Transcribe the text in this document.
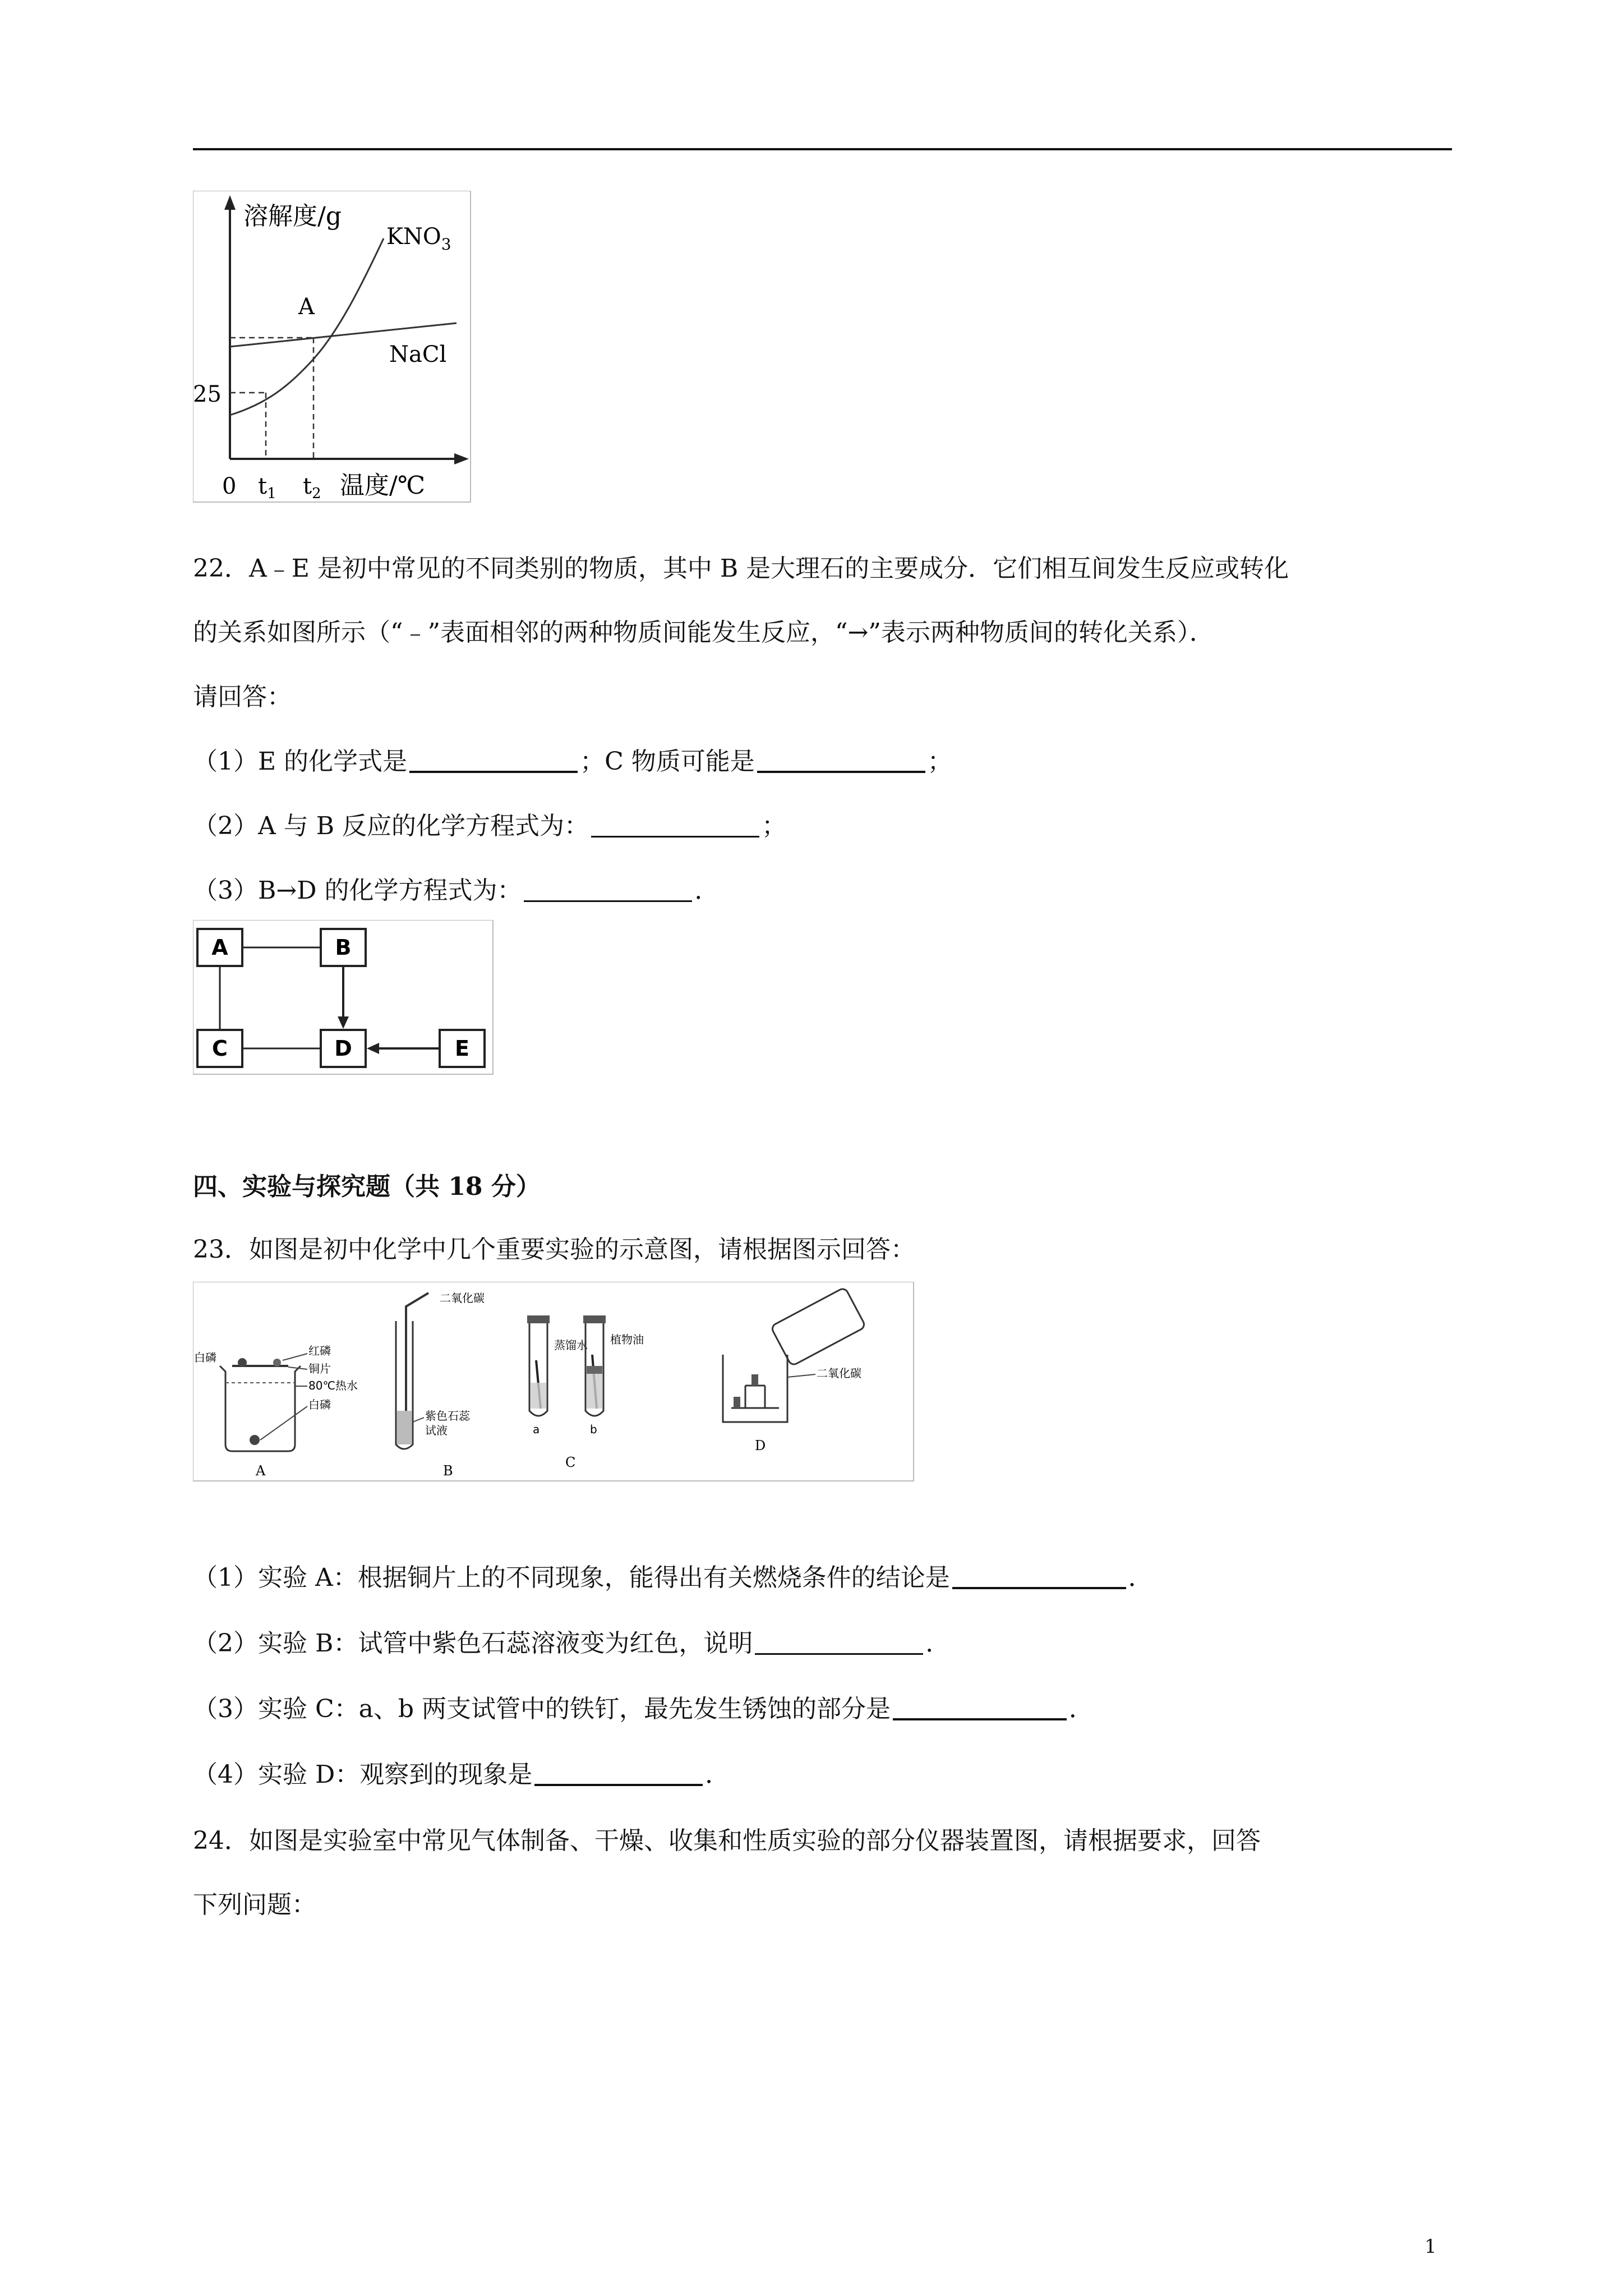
溶解度/g
$KNO_3$
NaCl
A
25
0 $t_1$ $t_2$ 温度/℃
22．A﹣E 是初中常见的不同类别的物质，其中 B 是大理石的主要成分．它们相互间发生反应或转化
的关系如图所示（“﹣”表面相邻的两种物质间能发生反应，“→”表示两种物质间的转化关系）．
请回答：
（1）E 的化学式是	；C 物质可能是	；
（2）A 与 B 反应的化学方程式为：	；
（3）B→D 的化学方程式为：	．
A	B
C	D	E
四、实验与探究题（共 18 分）
23．如图是初中化学中几个重要实验的示意图，请根据图示回答：
白磷	红磷
铜片
80℃热水
白磷
A
二氧化碳
紫色石蕊
试液
B
蒸馏水
a
植物油
b
C
二氧化碳
D
（1）实验 A：根据铜片上的不同现象，能得出有关燃烧条件的结论是	．
（2）实验 B：试管中紫色石蕊溶液变为红色，说明	．
（3）实验 C：a、b 两支试管中的铁钉，最先发生锈蚀的部分是	．
（4）实验 D：观察到的现象是	．
24．如图是实验室中常见气体制备、干燥、收集和性质实验的部分仪器装置图，请根据要求，回答
下列问题：
1
